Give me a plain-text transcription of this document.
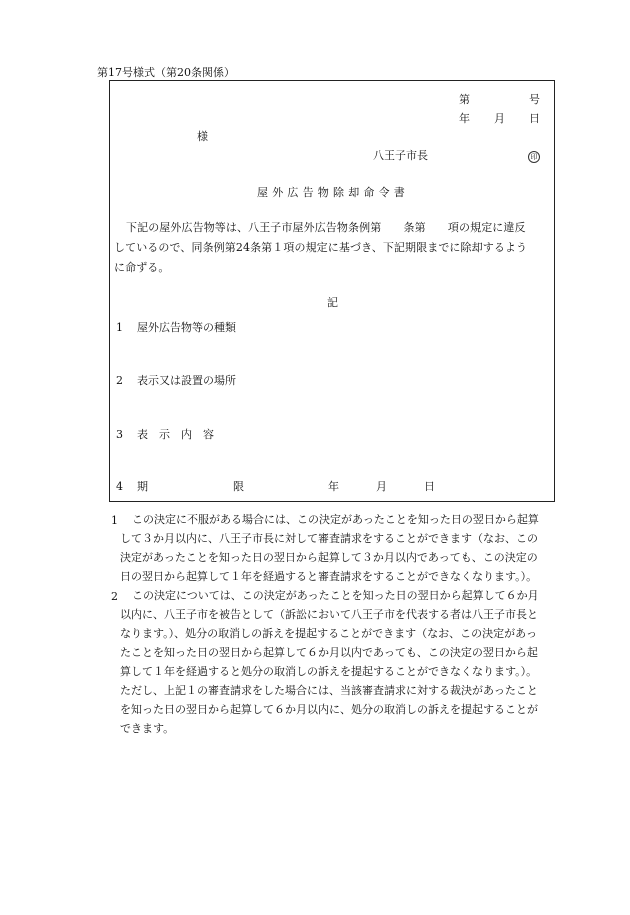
第17号様式（第20条関係）
第	号
年 月 日
様
八王子市長	印
屋外広告物除却命令書
下記の屋外広告物等は、八王子市屋外広告物条例第　　条第　　項の規定に違反
しているので、同条例第24条第１項の規定に基づき、下記期限までに除却するよう
に命ずる。
記
1 屋外広告物等の種類
2 表示又は設置の場所
3 表　示　内　容
4 期	限	年	月	日
1 この決定に不服がある場合には、この決定があったことを知った日の翌日から起算
して３か月以内に、八王子市長に対して審査請求をすることができます（なお、この
決定があったことを知った日の翌日から起算して３か月以内であっても、この決定の
日の翌日から起算して１年を経過すると審査請求をすることができなくなります。）。
2 この決定については、この決定があったことを知った日の翌日から起算して６か月
以内に、八王子市を被告として（訴訟において八王子市を代表する者は八王子市長と
なります。）、処分の取消しの訴えを提起することができます（なお、この決定があっ
たことを知った日の翌日から起算して６か月以内であっても、この決定の翌日から起
算して１年を経過すると処分の取消しの訴えを提起することができなくなります。）。
ただし、上記１の審査請求をした場合には、当該審査請求に対する裁決があったこと
を知った日の翌日から起算して６か月以内に、処分の取消しの訴えを提起することが
できます。
